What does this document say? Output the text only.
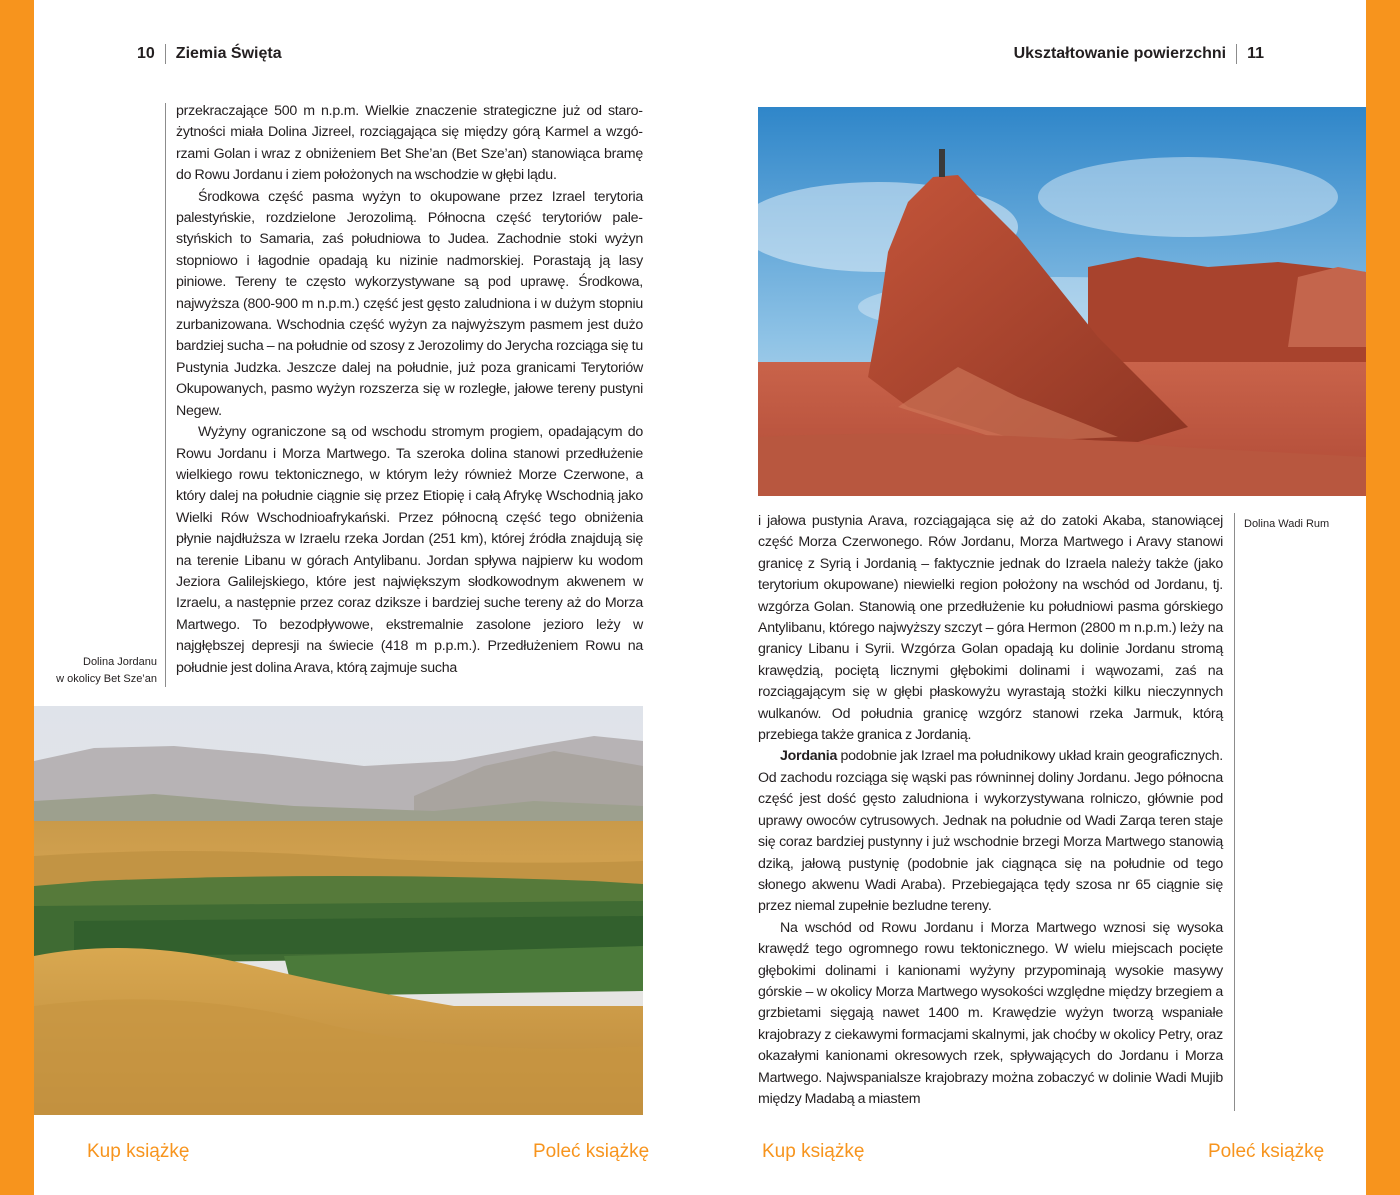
10 Ziemia Święta	Ukształtowanie powierzchni 11

przekraczające 500 m n.p.m. Wielkie znaczenie strategiczne już od starożytności miała Dolina Jizreel, rozciągająca się między górą Karmel a wzgórzami Golan i wraz z obniżeniem Bet She’an (Bet Sze’an) stanowiąca bramę do Rowu Jordanu i ziem położonych na wschodzie w głębi lądu.

Środkowa część pasma wyżyn to okupowane przez Izrael terytoria palestyńskie, rozdzielone Jerozolimą. Północna część terytoriów palestyńskich to Samaria, zaś południowa to Judea. Zachodnie stoki wyżyn stopniowo i łagodnie opadają ku nizinie nadmorskiej. Porastają ją lasy piniowe. Tereny te często wykorzystywane są pod uprawę. Środkowa, najwyższa (800-900 m n.p.m.) część jest gęsto zaludniona i w dużym stopniu zurbanizowana. Wschodnia część wyżyn za najwyższym pasmem jest dużo bardziej sucha – na południe od szosy z Jerozolimy do Jerycha rozciąga się tu Pustynia Judzka. Jeszcze dalej na południe, już poza granicami Terytoriów Okupowanych, pasmo wyżyn rozszerza się w rozległe, jałowe tereny pustyni Negew.

Wyżyny ograniczone są od wschodu stromym progiem, opadającym do Rowu Jordanu i Morza Martwego. Ta szeroka dolina stanowi przedłużenie wielkiego rowu tektonicznego, w którym leży również Morze Czerwone, a który dalej na południe ciągnie się przez Etiopię i całą Afrykę Wschodnią jako Wielki Rów Wschodnioafrykański. Przez północną część tego obniżenia płynie najdłuższa w Izraelu rzeka Jordan (251 km), której źródła znajdują się na terenie Libanu w górach Antylibanu. Jordan spływa najpierw ku wodom Jeziora Galilejskiego, które jest największym słodkowodnym akwenem w Izraelu, a następnie przez coraz dziksze i bardziej suche tereny aż do Morza Martwego. To bezodpływowe, ekstremalnie zasolone jezioro leży w najgłębszej depresji na świecie (418 m p.p.m.). Przedłużeniem Rowu na południe jest dolina Arava, którą zajmuje sucha

Dolina Jordanu
w okolicy Bet Sze’an

i jałowa pustynia Arava, rozciągająca się aż do zatoki Akaba, stanowiącej część Morza Czerwonego. Rów Jordanu, Morza Martwego i Aravy stanowi granicę z Syrią i Jordanią – faktycznie jednak do Izraela należy także (jako terytorium okupowane) niewielki region położony na wschód od Jordanu, tj. wzgórza Golan. Stanowią one przedłużenie ku południowi pasma górskiego Antylibanu, którego najwyższy szczyt – góra Hermon (2800 m n.p.m.) leży na granicy Libanu i Syrii. Wzgórza Golan opadają ku dolinie Jordanu stromą krawędzią, pociętą licznymi głębokimi dolinami i wąwozami, zaś na rozciągającym się w głębi płaskowyżu wyrastają stożki kilku nieczynnych wulkanów. Od południa granicę wzgórz stanowi rzeka Jarmuk, którą przebiega także granica z Jordanią.

Jordania podobnie jak Izrael ma południkowy układ krain geograficznych. Od zachodu rozciąga się wąski pas równinnej doliny Jordanu. Jego północna część jest dość gęsto zaludniona i wykorzystywana rolniczo, głównie pod uprawy owoców cytrusowych. Jednak na południe od Wadi Zarqa teren staje się coraz bardziej pustynny i już wschodnie brzegi Morza Martwego stanowią dziką, jałową pustynię (podobnie jak ciągnąca się na południe od tego słonego akwenu Wadi Araba). Przebiegająca tędy szosa nr 65 ciągnie się przez niemal zupełnie bezludne tereny.

Na wschód od Rowu Jordanu i Morza Martwego wznosi się wysoka krawędź tego ogromnego rowu tektonicznego. W wielu miejscach pocięte głębokimi dolinami i kanionami wyżyny przypominają wysokie masywy górskie – w okolicy Morza Martwego wysokości względne między brzegiem a grzbietami sięgają nawet 1400 m. Krawędzie wyżyn tworzą wspaniałe krajobrazy z ciekawymi formacjami skalnymi, jak choćby w okolicy Petry, oraz okazałymi kanionami okresowych rzek, spływających do Jordanu i Morza Martwego. Najwspanialsze krajobrazy można zobaczyć w dolinie Wadi Mujib między Madabą a miastem

Dolina Wadi Rum
Kup książkę	Poleć książkę	Kup książkę	Poleć książkę
